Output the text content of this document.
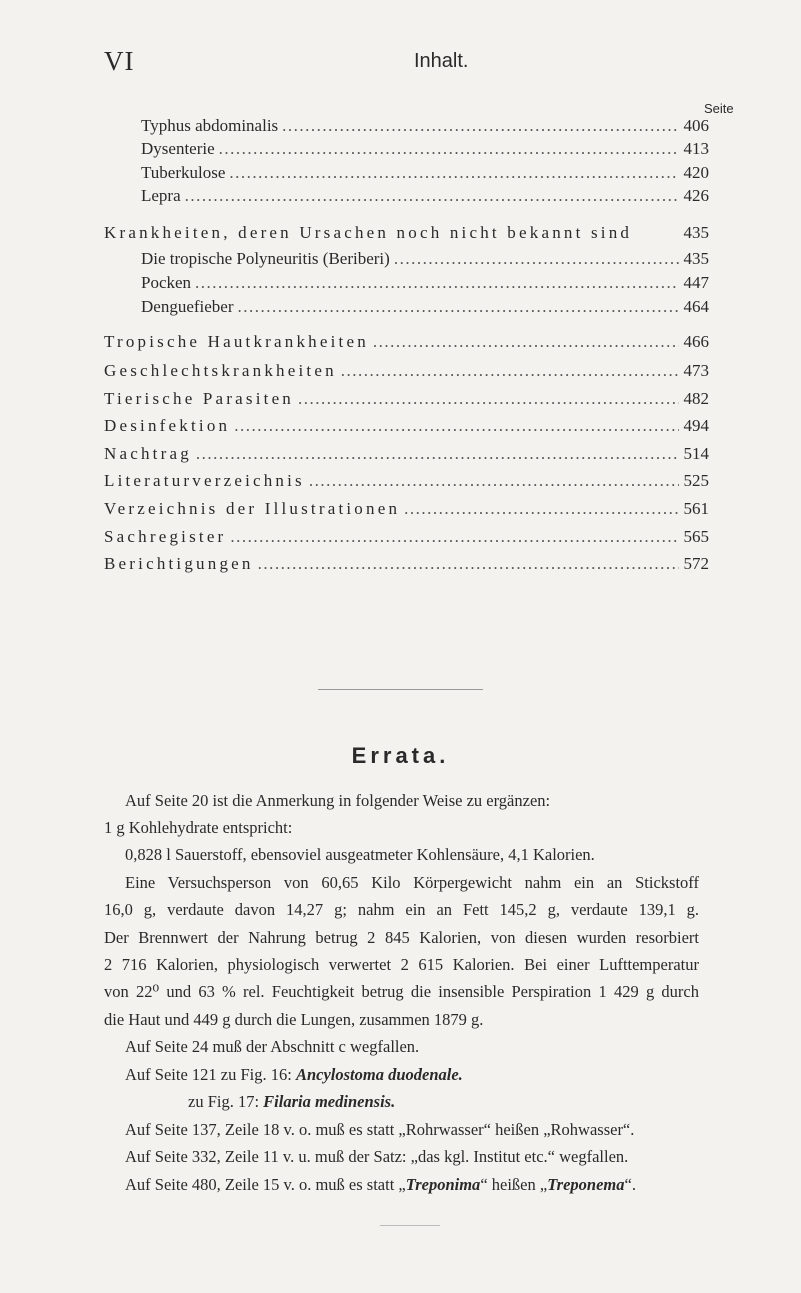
VI	Inhalt.
Seite
Typhus abdominalis .....	406
Dysenterie .....	413
Tuberkulose .....	420
Lepra .....	426
Krankheiten, deren Ursachen noch nicht bekannt sind	435
Die tropische Polyneuritis (Beriberi) .....	435
Pocken .....	447
Denguefieber .....	464
Tropische Hautkrankheiten .....	466
Geschlechtskrankheiten .....	473
Tierische Parasiten .....	482
Desinfektion .....	494
Nachtrag .....	514
Literaturverzeichnis .....	525
Verzeichnis der Illustrationen .....	561
Sachregister .....	565
Berichtigungen .....	572
Errata.
Auf Seite 20 ist die Anmerkung in folgender Weise zu ergänzen:
1 g Kohlehydrate entspricht:
0,828 l Sauerstoff, ebensoviel ausgeatmeter Kohlensäure, 4,1 Kalorien.
Eine Versuchsperson von 60,65 Kilo Körpergewicht nahm ein an Stickstoff
16,0 g, verdaute davon 14,27 g; nahm ein an Fett 145,2 g, verdaute 139,1 g.
Der Brennwert der Nahrung betrug 2 845 Kalorien, von diesen wurden resorbiert
2 716 Kalorien, physiologisch verwertet 2 615 Kalorien. Bei einer Lufttemperatur
von 22⁰ und 63 % rel. Feuchtigkeit betrug die insensible Perspiration 1 429 g durch
die Haut und 449 g durch die Lungen, zusammen 1879 g.
Auf Seite 24 muß der Abschnitt c wegfallen.
Auf Seite 121 zu Fig. 16: Ancylostoma duodenale.
zu Fig. 17: Filaria medinensis.
Auf Seite 137, Zeile 18 v. o. muß es statt „Rohrwasser“ heißen „Rohwasser“.
Auf Seite 332, Zeile 11 v. u. muß der Satz: „das kgl. Institut etc.“ wegfallen.
Auf Seite 480, Zeile 15 v. o. muß es statt „Treponima“ heißen „Treponema“.
